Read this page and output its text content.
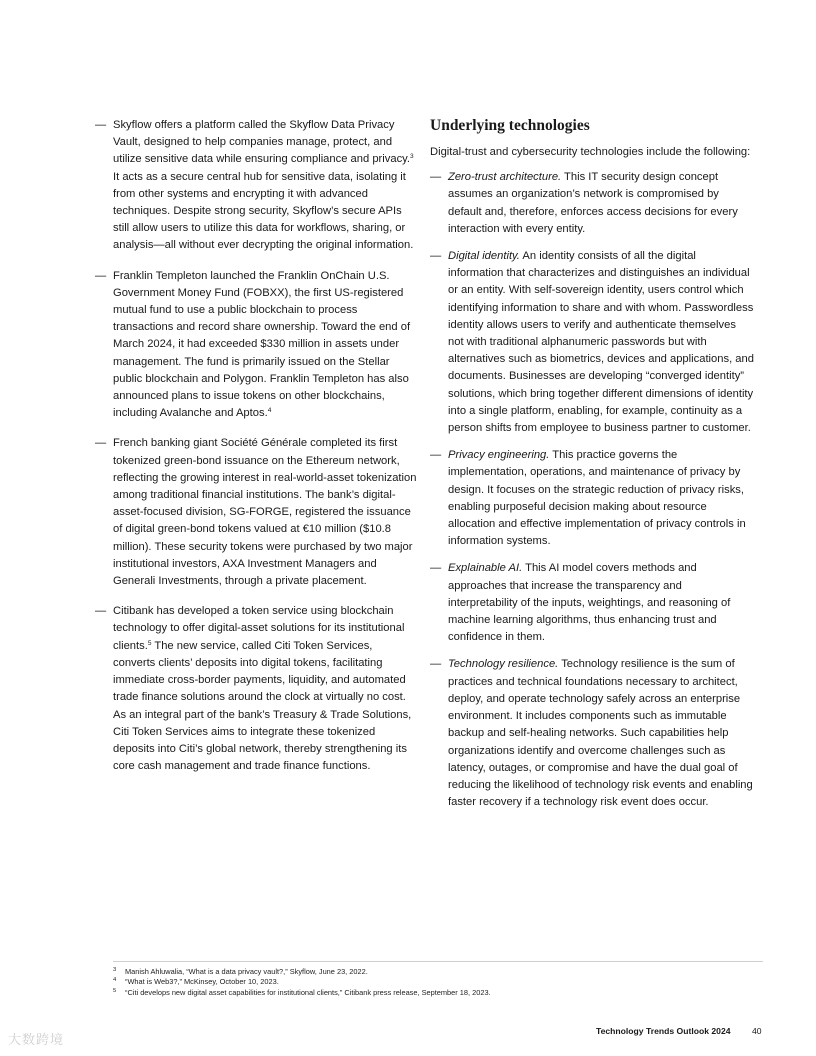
— Skyflow offers a platform called the Skyflow Data Privacy Vault, designed to help companies manage, protect, and utilize sensitive data while ensuring compliance and privacy.$^3$ It acts as a secure central hub for sensitive data, isolating it from other systems and encrypting it with advanced techniques. Despite strong security, Skyflow’s secure APIs still allow users to utilize this data for workflows, sharing, or analysis—all without ever decrypting the original information.
— Franklin Templeton launched the Franklin OnChain U.S. Government Money Fund (FOBXX), the first US-registered mutual fund to use a public blockchain to process transactions and record share ownership. Toward the end of March 2024, it had exceeded $330 million in assets under management. The fund is primarily issued on the Stellar public blockchain and Polygon. Franklin Templeton has also announced plans to issue tokens on other blockchains, including Avalanche and Aptos.$^4$
— French banking giant Société Générale completed its first tokenized green-bond issuance on the Ethereum network, reflecting the growing interest in real-world-asset tokenization among traditional financial institutions. The bank’s digital-asset-focused division, SG-FORGE, registered the issuance of digital green-bond tokens valued at €10 million ($10.8 million). These security tokens were purchased by two major institutional investors, AXA Investment Managers and Generali Investments, through a private placement.
— Citibank has developed a token service using blockchain technology to offer digital-asset solutions for its institutional clients.$^5$ The new service, called Citi Token Services, converts clients’ deposits into digital tokens, facilitating immediate cross-border payments, liquidity, and automated trade finance solutions around the clock at virtually no cost. As an integral part of the bank’s Treasury & Trade Solutions, Citi Token Services aims to integrate these tokenized deposits into Citi’s global network, thereby strengthening its core cash management and trade finance functions.
Underlying technologies

Digital-trust and cybersecurity technologies include the following:

— Zero-trust architecture. This IT security design concept assumes an organization’s network is compromised by default and, therefore, enforces access decisions for every interaction with every entity.
— Digital identity. An identity consists of all the digital information that characterizes and distinguishes an individual or an entity. With self-sovereign identity, users control which identifying information to share and with whom. Passwordless identity allows users to verify and authenticate themselves not with traditional alphanumeric passwords but with alternatives such as biometrics, devices and applications, and documents. Businesses are developing “converged identity” solutions, which bring together different dimensions of identity into a single platform, enabling, for example, continuity as a person shifts from employee to business partner to customer.
— Privacy engineering. This practice governs the implementation, operations, and maintenance of privacy by design. It focuses on the strategic reduction of privacy risks, enabling purposeful decision making about resource allocation and effective implementation of privacy controls in information systems.
— Explainable AI. This AI model covers methods and approaches that increase the transparency and interpretability of the inputs, weightings, and reasoning of machine learning algorithms, thus enhancing trust and confidence in them.
— Technology resilience. Technology resilience is the sum of practices and technical foundations necessary to architect, deploy, and operate technology safely across an enterprise environment. It includes components such as immutable backup and self-healing networks. Such capabilities help organizations identify and overcome challenges such as latency, outages, or compromise and have the dual goal of reducing the likelihood of technology risk events and enabling faster recovery if a technology risk event does occur.
3 Manish Ahluwalia, “What is a data privacy vault?,” Skyflow, June 23, 2022.
4 “What is Web3?,” McKinsey, October 10, 2023.
5 “Citi develops new digital asset capabilities for institutional clients,” Citibank press release, September 18, 2023.
Technology Trends Outlook 2024 40
大数跨境
